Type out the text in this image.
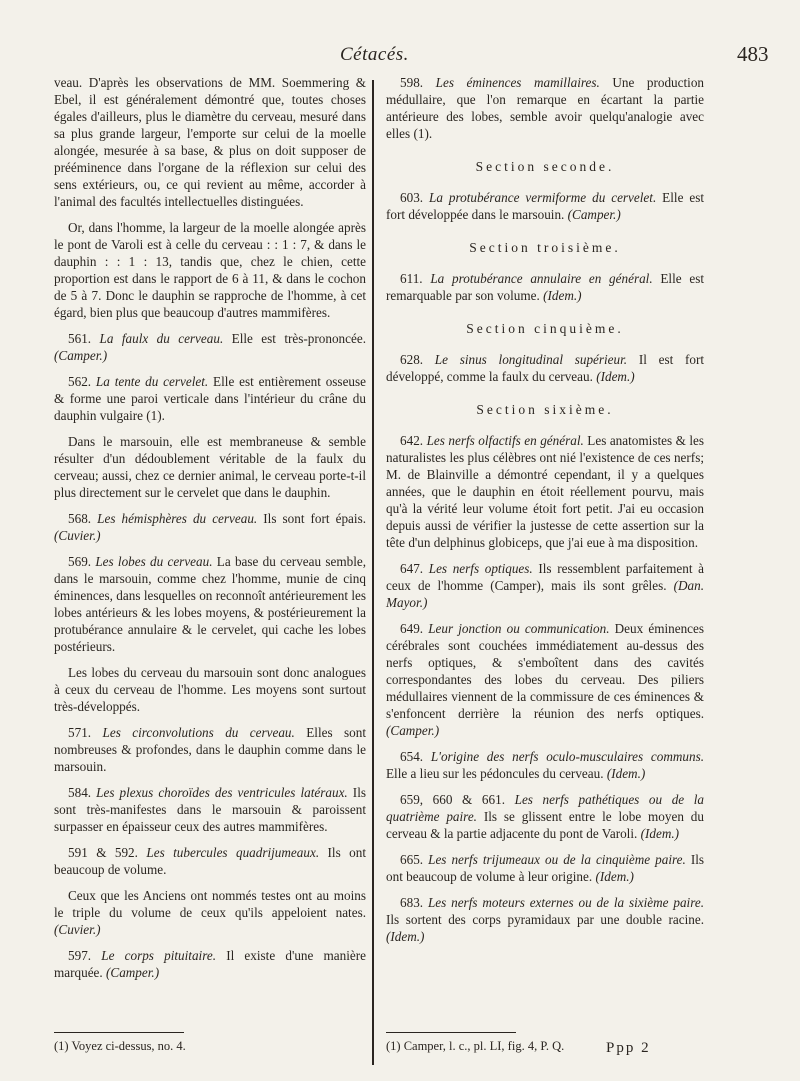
Cétacés.	483

veau. D'après les observations de MM. Soemmering & Ebel, il est généralement démontré que, toutes choses égales d'ailleurs, plus le diamètre du cerveau, mesuré dans sa plus grande largeur, l'emporte sur celui de la moelle alongée, mesurée à sa base, & plus on doit supposer de prééminence dans l'organe de la réflexion sur celui des sens extérieurs, ou, ce qui revient au même, accorder à l'animal des facultés intellectuelles distinguées.

Or, dans l'homme, la largeur de la moelle alongée après le pont de Varoli est à celle du cerveau : : 1 : 7, & dans le dauphin : : 1 : 13, tandis que, chez le chien, cette proportion est dans le rapport de 6 à 11, & dans le cochon de 5 à 7. Donc le dauphin se rapproche de l'homme, à cet égard, bien plus que beaucoup d'autres mammifères.

561. La faulx du cerveau. Elle est très-prononcée. (Camper.)

562. La tente du cervelet. Elle est entièrement osseuse & forme une paroi verticale dans l'intérieur du crâne du dauphin vulgaire (1).

Dans le marsouin, elle est membraneuse & semble résulter d'un dédoublement véritable de la faulx du cerveau; aussi, chez ce dernier animal, le cerveau porte-t-il plus directement sur le cervelet que dans le dauphin.

568. Les hémisphères du cerveau. Ils sont fort épais. (Cuvier.)

569. Les lobes du cerveau. La base du cerveau semble, dans le marsouin, comme chez l'homme, munie de cinq éminences, dans lesquelles on reconnoît antérieurement les lobes antérieurs & les lobes moyens, & postérieurement la protubérance annulaire & le cervelet, qui cache les lobes postérieurs.

Les lobes du cerveau du marsouin sont donc analogues à ceux du cerveau de l'homme. Les moyens sont surtout très-développés.

571. Les circonvolutions du cerveau. Elles sont nombreuses & profondes, dans le dauphin comme dans le marsouin.

584. Les plexus choroïdes des ventricules latéraux. Ils sont très-manifestes dans le marsouin & paroissent surpasser en épaisseur ceux des autres mammifères.

591 & 592. Les tubercules quadrijumeaux. Ils ont beaucoup de volume.

Ceux que les Anciens ont nommés testes ont au moins le triple du volume de ceux qu'ils appeloient nates. (Cuvier.)

597. Le corps pituitaire. Il existe d'une manière marquée. (Camper.)

598. Les éminences mamillaires. Une production médullaire, que l'on remarque en écartant la partie antérieure des lobes, semble avoir quelqu'analogie avec elles (1).

Section seconde.

603. La protubérance vermiforme du cervelet. Elle est fort développée dans le marsouin. (Camper.)

Section troisième.

611. La protubérance annulaire en général. Elle est remarquable par son volume. (Idem.)

Section cinquième.

628. Le sinus longitudinal supérieur. Il est fort développé, comme la faulx du cerveau. (Idem.)

Section sixième.

642. Les nerfs olfactifs en général. Les anatomistes & les naturalistes les plus célèbres ont nié l'existence de ces nerfs; M. de Blainville a démontré cependant, il y a quelques années, que le dauphin en étoit réellement pourvu, mais qu'à la vérité leur volume étoit fort petit. J'ai eu occasion depuis aussi de vérifier la justesse de cette assertion sur la tête d'un delphinus globiceps, que j'ai eue à ma disposition.

647. Les nerfs optiques. Ils ressemblent parfaitement à ceux de l'homme (Camper), mais ils sont grêles. (Dan. Mayor.)

649. Leur jonction ou communication. Deux éminences cérébrales sont couchées immédiatement au-dessus des nerfs optiques, & s'emboîtent dans des cavités correspondantes des lobes du cerveau. Des piliers médullaires viennent de la commissure de ces éminences & s'enfoncent derrière la réunion des nerfs optiques. (Camper.)

654. L'origine des nerfs oculo-musculaires communs. Elle a lieu sur les pédoncules du cerveau. (Idem.)

659, 660 & 661. Les nerfs pathétiques ou de la quatrième paire. Ils se glissent entre le lobe moyen du cerveau & la partie adjacente du pont de Varoli. (Idem.)

665. Les nerfs trijumeaux ou de la cinquième paire. Ils ont beaucoup de volume à leur origine. (Idem.)

683. Les nerfs moteurs externes ou de la sixième paire. Ils sortent des corps pyramidaux par une double racine. (Idem.)

(1) Voyez ci-dessus, no. 4.	(1) Camper, l. c., pl. LI, fig. 4, P. Q.	Ppp 2
